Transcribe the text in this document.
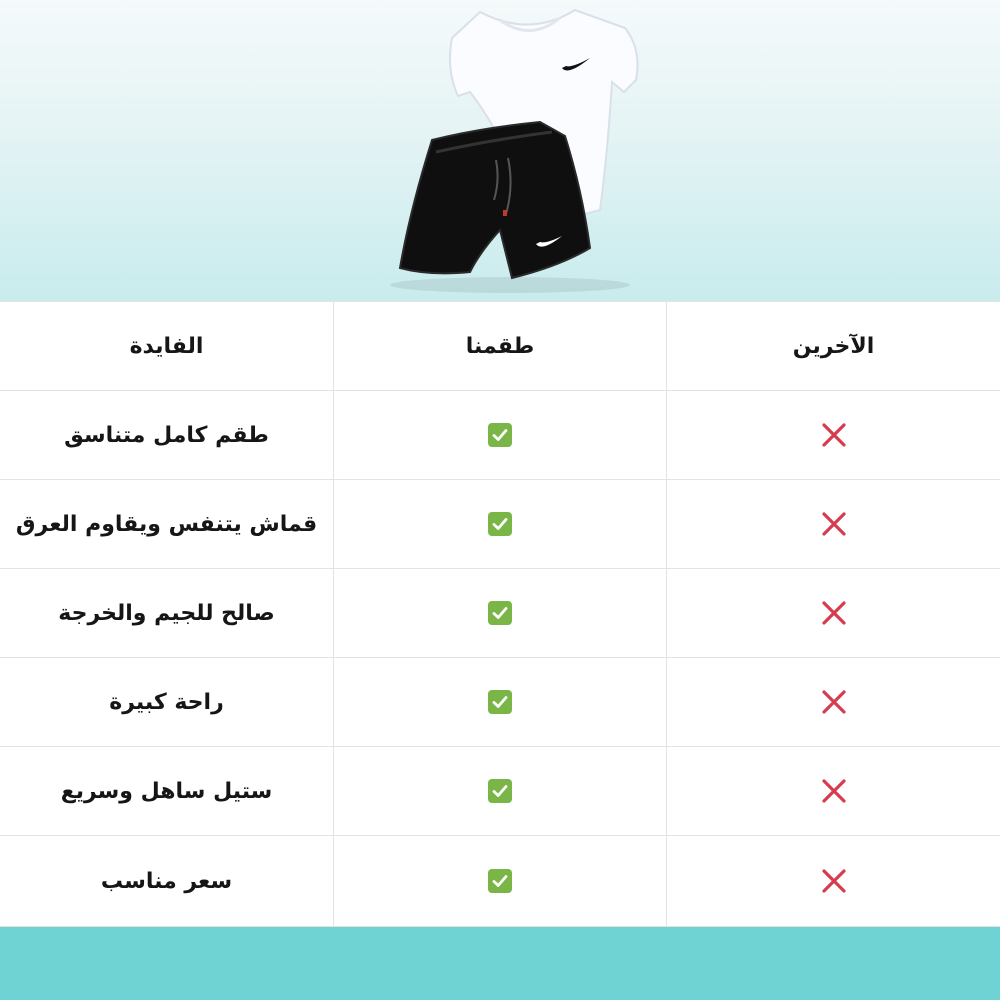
الفايدة	طقمنا	الآخرين
طقم كامل متناسق
قماش يتنفس ويقاوم العرق
صالح للجيم والخرجة
راحة كبيرة
ستيل ساهل وسريع
سعر مناسب
